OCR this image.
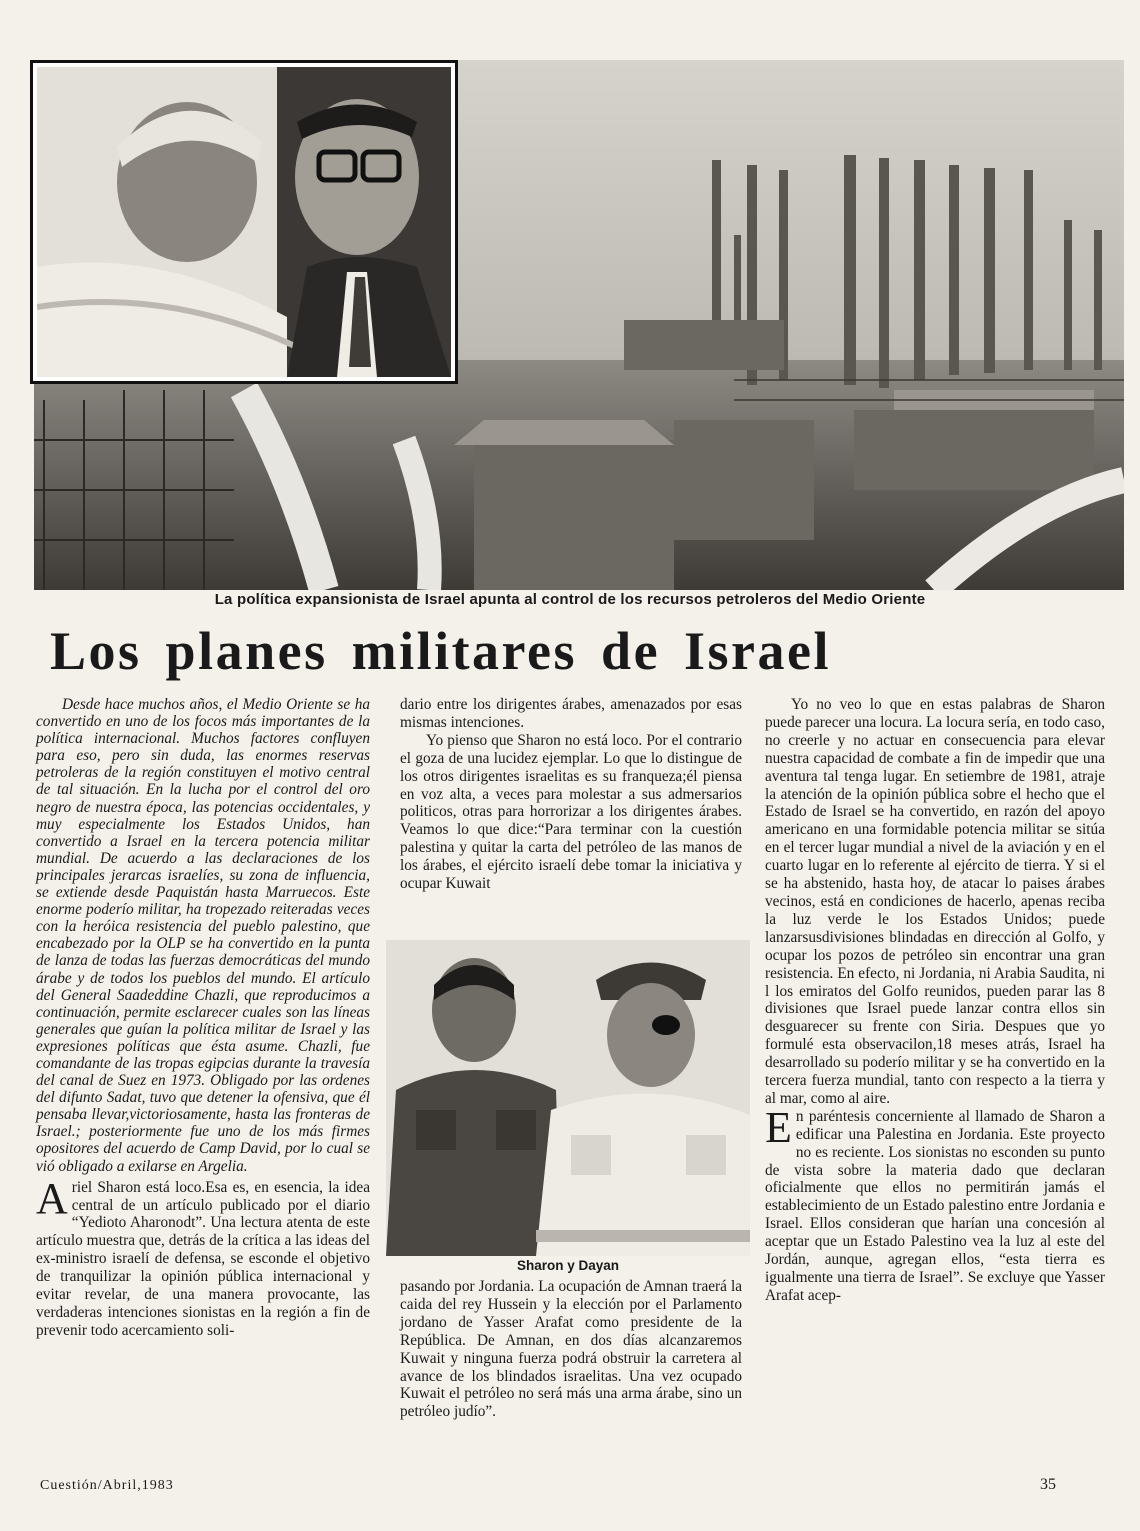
La política expansionista de Israel apunta al control de los recursos petroleros del Medio Oriente
Los planes militares de Israel

Desde hace muchos años, el Medio Oriente se ha convertido en uno de los focos más importantes de la política internacional. Muchos factores confluyen para eso, pero sin duda, las enormes reservas petroleras de la región constituyen el motivo central de tal situación. En la lucha por el control del oro negro de nuestra época, las potencias occidentales, y muy especialmente los Estados Unidos, han convertido a Israel en la tercera potencia militar mundial. De acuerdo a las declaraciones de los principales jerarcas israelíes, su zona de influencia, se extiende desde Paquistán hasta Marruecos. Este enorme poderío militar, ha tropezado reiteradas veces con la heróica resistencia del pueblo palestino, que encabezado por la OLP se ha convertido en la punta de lanza de todas las fuerzas democráticas del mundo árabe y de todos los pueblos del mundo. El artículo del General Saadeddine Chazli, que reproducimos a continuación, permite esclarecer cuales son las líneas generales que guían la política militar de Israel y las expresiones políticas que ésta asume. Chazli, fue comandante de las tropas egipcias durante la travesía del canal de Suez en 1973. Obligado por las ordenes del difunto Sadat, tuvo que detener la ofensiva, que él pensaba llevar,victoriosamente, hasta las fronteras de Israel.; posteriormente fue uno de los más firmes opositores del acuerdo de Camp David, por lo cual se vió obligado a exilarse en Argelia.

Ariel Sharon está loco.Esa es, en esencia, la idea central de un artículo publicado por el diario “Yedioto Aharonodt”. Una lectura atenta de este artículo muestra que, detrás de la crítica a las ideas del ex-ministro israelí de defensa, se esconde el objetivo de tranquilizar la opinión pública internacional y evitar revelar, de una manera provocante, las verdaderas intenciones sionistas en la región a fin de prevenir todo acercamiento soli-

dario entre los dirigentes árabes, amenazados por esas mismas intenciones.

Yo pienso que Sharon no está loco. Por el contrario el goza de una lucidez ejemplar. Lo que lo distingue de los otros dirigentes israelitas es su franqueza;él piensa en voz alta, a veces para molestar a sus admersarios politicos, otras para horrorizar a los dirigentes árabes. Veamos lo que dice:“Para terminar con la cuestión palestina y quitar la carta del petróleo de las manos de los árabes, el ejército israelí debe tomar la iniciativa y ocupar Kuwait

Sharon y Dayan

pasando por Jordania. La ocupación de Amnan traerá la caida del rey Hussein y la elección por el Parlamento jordano de Yasser Arafat como presidente de la República. De Amnan, en dos días alcanzaremos Kuwait y ninguna fuerza podrá obstruir la carretera al avance de los blindados israelitas. Una vez ocupado Kuwait el petróleo no será más una arma árabe, sino un petróleo judío”.

Yo no veo lo que en estas palabras de Sharon puede parecer una locura. La locura sería, en todo caso, no creerle y no actuar en consecuencia para elevar nuestra capacidad de combate a fin de impedir que una aventura tal tenga lugar. En setiembre de 1981, atraje la atención de la opinión pública sobre el hecho que el Estado de Israel se ha convertido, en razón del apoyo americano en una formidable potencia militar se sitúa en el tercer lugar mundial a nivel de la aviación y en el cuarto lugar en lo referente al ejército de tierra. Y si el se ha abstenido, hasta hoy, de atacar lo paises árabes vecinos, está en condiciones de hacerlo, apenas reciba la luz verde le los Estados Unidos; puede lanzarsusdivisiones blindadas en dirección al Golfo, y ocupar los pozos de petróleo sin encontrar una gran resistencia. En efecto, ni Jordania, ni Arabia Saudita, ni l los emiratos del Golfo reunidos, pueden parar las 8 divisiones que Israel puede lanzar contra ellos sin desguarecer su frente con Siria. Despues que yo formulé esta observacilon,18 meses atrás, Israel ha desarrollado su poderío militar y se ha convertido en la tercera fuerza mundial, tanto con respecto a la tierra y al mar, como al aire.

En paréntesis concerniente al llamado de Sharon a edificar una Palestina en Jordania. Este proyecto no es reciente. Los sionistas no esconden su punto de vista sobre la materia dado que declaran oficialmente que ellos no permitirán jamás el establecimiento de un Estado palestino entre Jordania e Israel. Ellos consideran que harían una concesión al aceptar que un Estado Palestino vea la luz al este del Jordán, aunque, agregan ellos, “esta tierra es igualmente una tierra de Israel”. Se excluye que Yasser Arafat acep-
Cuestión/Abril,1983	35
